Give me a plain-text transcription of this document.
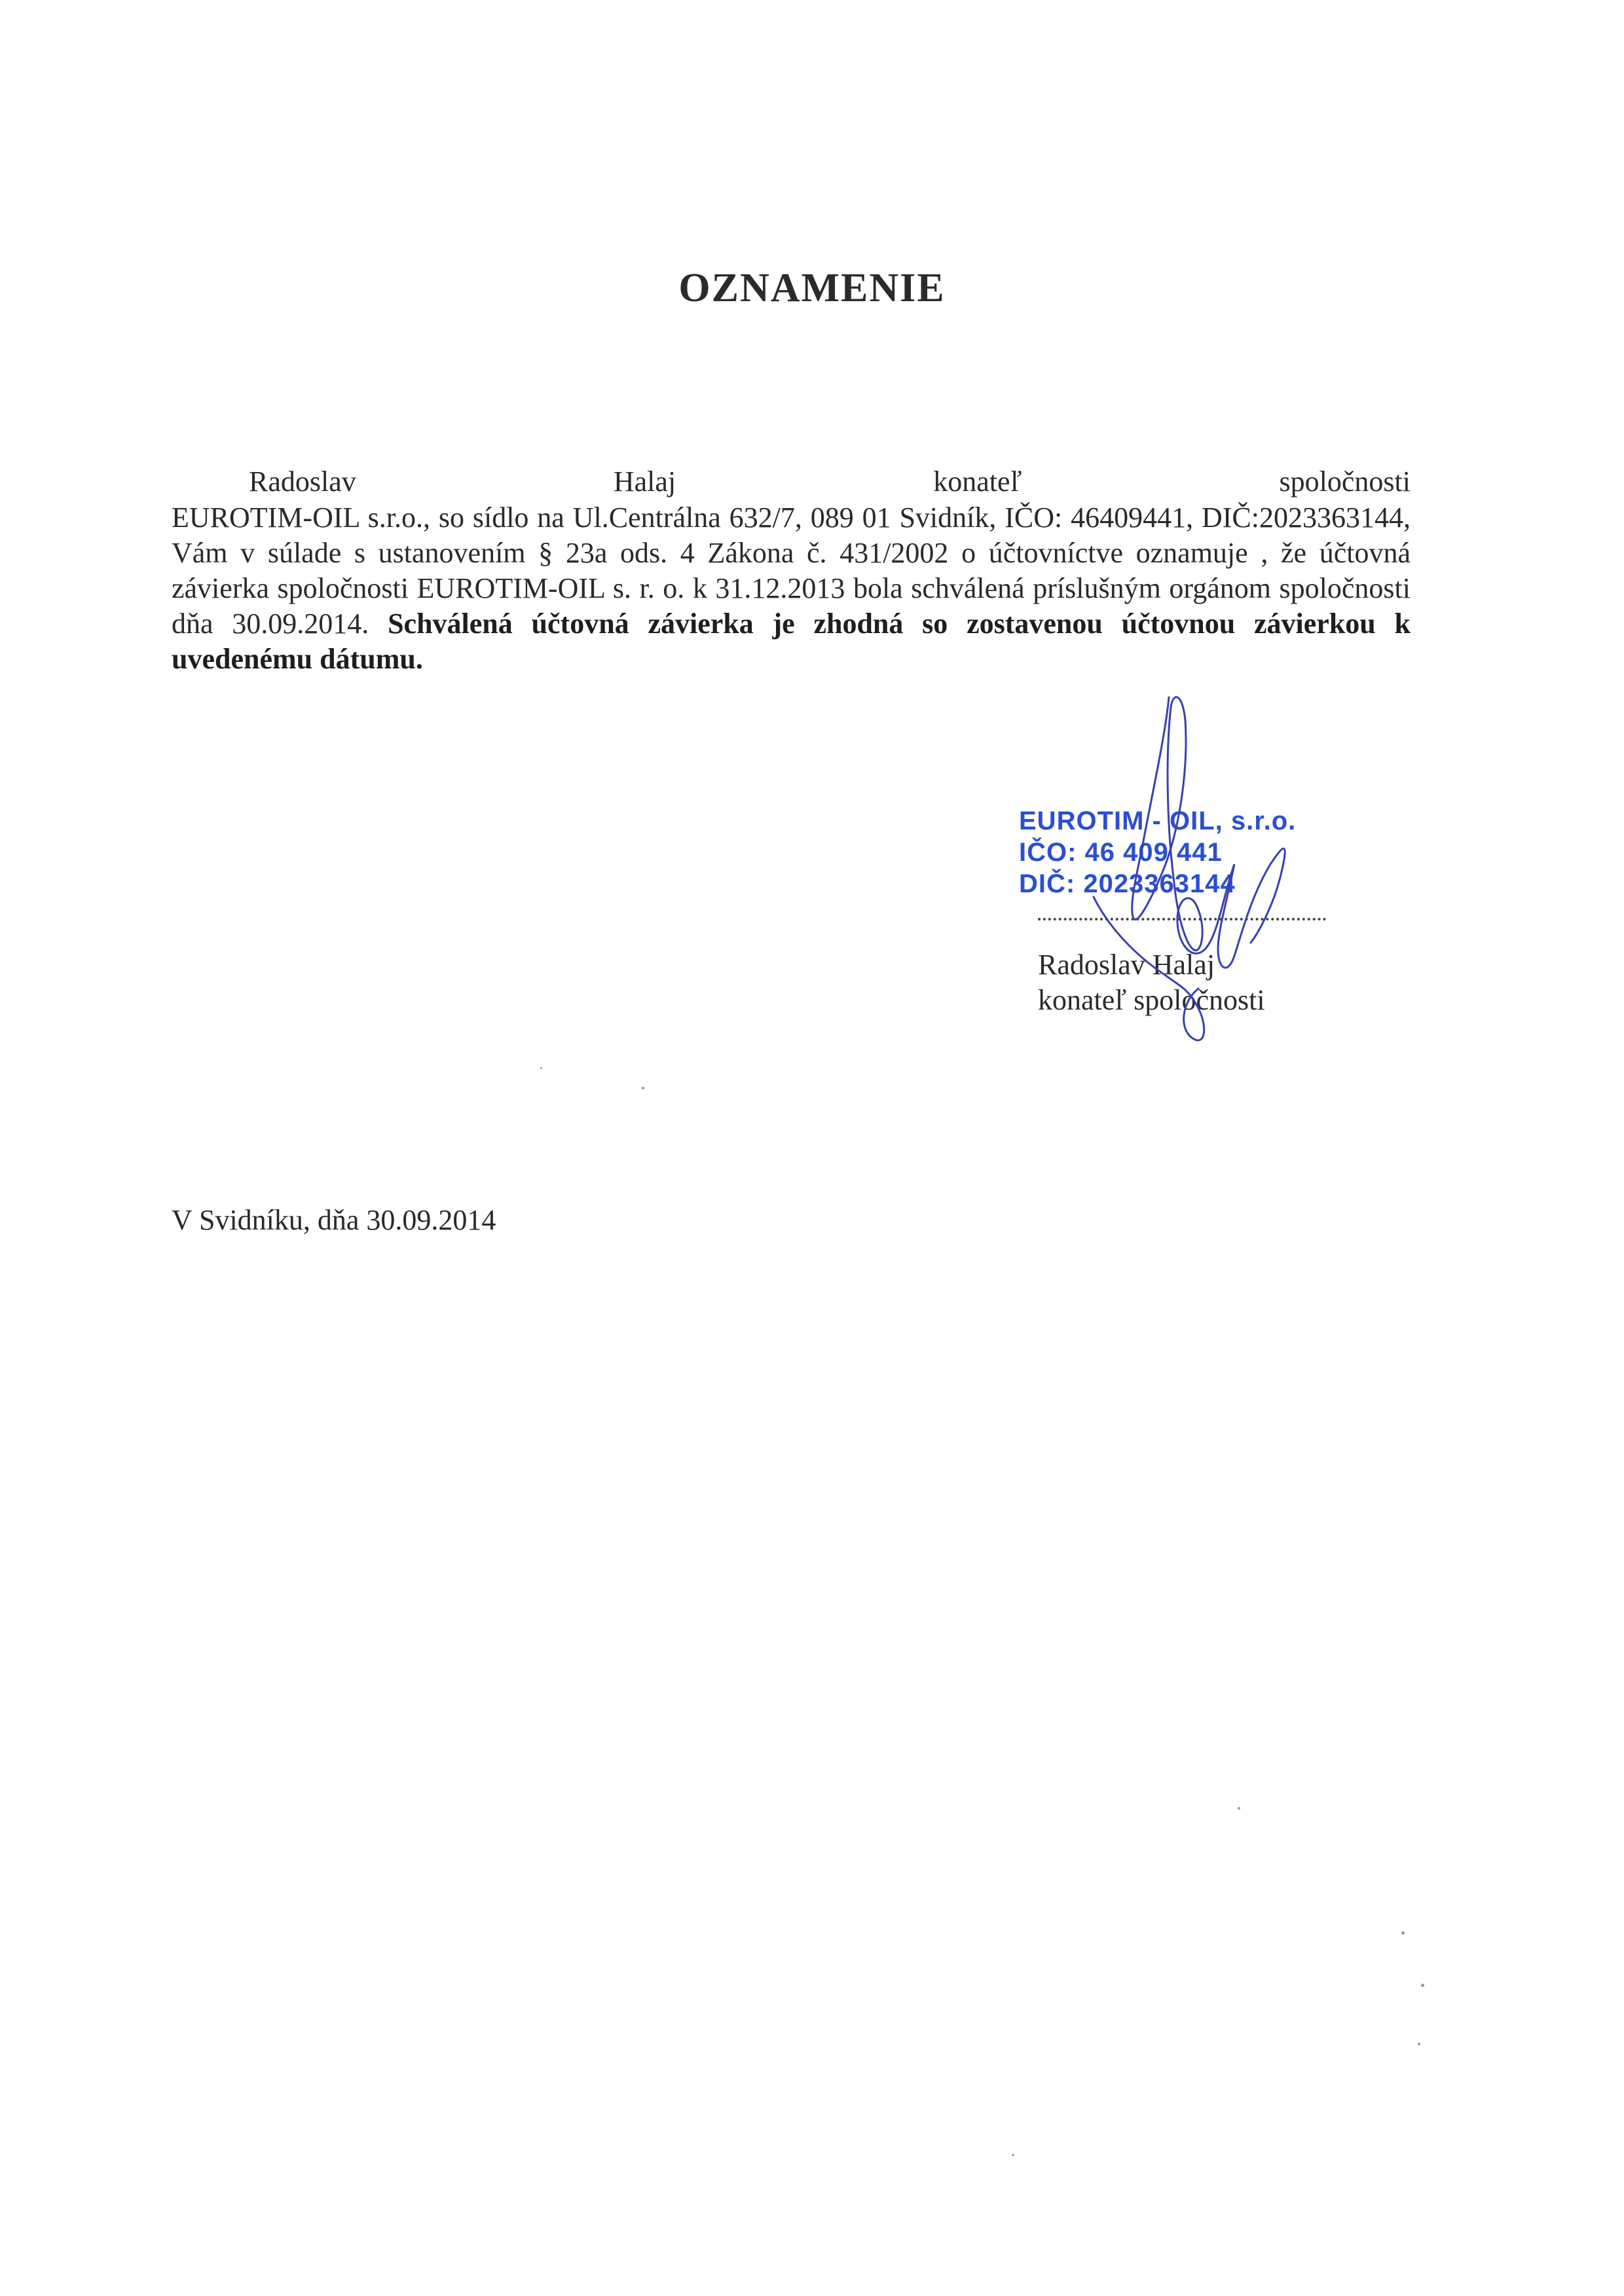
OZNAMENIE
Radoslav	Halaj	konateľ	spoločnosti
EUROTIM-OIL s.r.o., so sídlo na Ul.Centrálna 632/7, 089 01 Svidník, IČO: 46409441, DIČ:2023363144, Vám v súlade s ustanovením § 23a ods. 4 Zákona č. 431/2002 o účtovníctve oznamuje , že účtovná závierka spoločnosti EUROTIM-OIL s. r. o. k 31.12.2013 bola schválená príslušným orgánom spoločnosti dňa 30.09.2014. Schválená účtovná závierka je zhodná so zostavenou účtovnou závierkou k uvedenému dátumu.
EUROTIM - OIL, s.r.o.
IČO: 46 409 441
DIČ: 2023363144
Radoslav Halaj
konateľ spoločnosti
V Svidníku, dňa 30.09.2014
